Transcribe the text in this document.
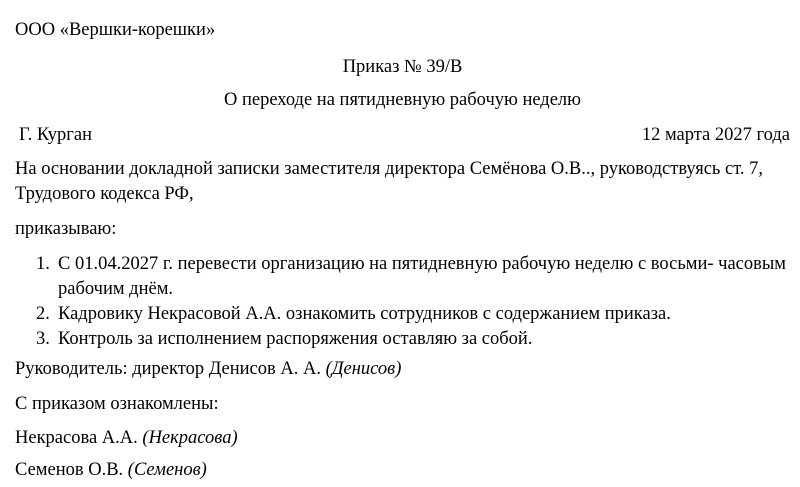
ООО «Вершки-корешки»

Приказ № 39/В

О переходе на пятидневную рабочую неделю

Г. Курган	12 марта 2027 года

На основании докладной записки заместителя директора Семёнова О.В.., руководствуясь ст. 7, Трудового кодекса РФ,

приказываю:

1. С 01.04.2027 г. перевести организацию на пятидневную рабочую неделю с восьми- часовым рабочим днём.
2. Кадровику Некрасовой А.А. ознакомить сотрудников с содержанием приказа.
3. Контроль за исполнением распоряжения оставляю за собой.

Руководитель: директор Денисов А. А. (Денисов)

С приказом ознакомлены:

Некрасова А.А. (Некрасова)

Семенов О.В. (Семенов)
